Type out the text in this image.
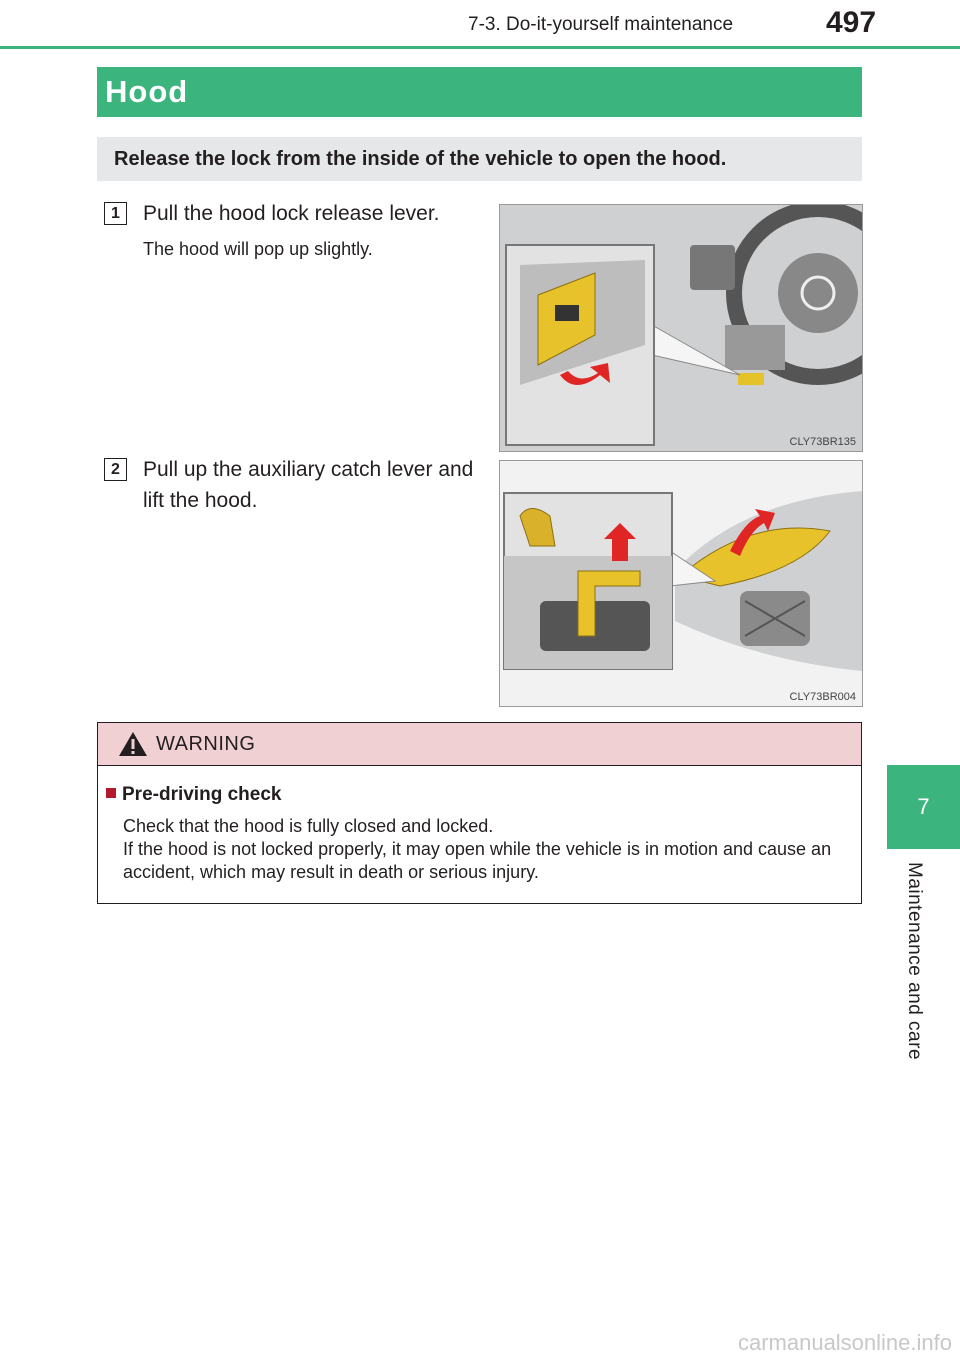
7-3. Do-it-yourself maintenance	497
7
Maintenance and care
Hood
Release the lock from the inside of the vehicle to open the hood.
1	Pull the hood lock release lever.
The hood will pop up slightly.
CLY73BR135
2	Pull up the auxiliary catch lever and
lift the hood.
CLY73BR004
WARNING
Pre-driving check

Check that the hood is fully closed and locked.

If the hood is not locked properly, it may open while the vehicle is in motion and cause an accident, which may result in death or serious injury.

carmanualsonline.info
